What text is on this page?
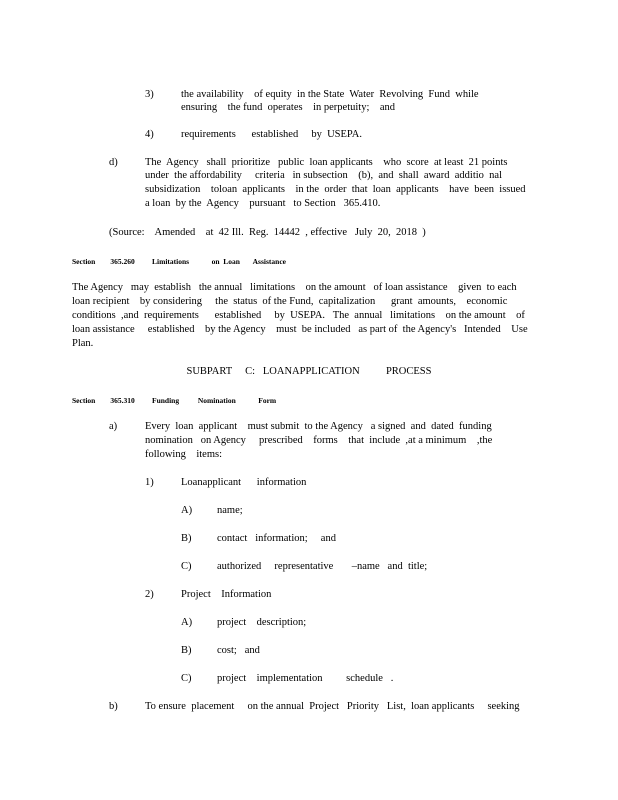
3)	the availability    of equity  in the State  Water  Revolving  Fund  while
ensuring    the fund  operates    in perpetuity;    and
4)	requirements      established     by  USEPA.
d)	The  Agency   shall  prioritize   public  loan applicants    who  score  at least  21 points
under  the affordability     criteria   in subsection    (b),  and  shall  award  additio  nal
subsidization    toloan  applicants    in the  order  that  loan  applicants    have  been  issued
a loan  by the  Agency    pursuant   to Section   365.410.
(Source:    Amended    at  42 Ill.  Reg.  14442  , effective   July  20,  2018  )
Section        365.260 Limitations            on  Loan       Assistance
The Agency   may  establish   the annual   limitations    on the amount   of loan assistance    given  to each
loan recipient    by considering     the  status  of the Fund,  capitalization      grant  amounts,    economic
conditions  ,and  requirements      established     by  USEPA.   The  annual   limitations    on the amount    of
loan assistance     established    by the Agency    must  be included   as part of  the Agency's   Intended    Use
Plan.
SUBPART     C:   LOANAPPLICATION          PROCESS
Section        365.310 Funding          Nomination            Form
a)	Every  loan  applicant    must submit  to the Agency   a signed  and  dated  funding
nomination   on Agency     prescribed    forms    that  include  ,at a minimum    ,the
following    items:
1)	Loanapplicant      information
A) name;
B) contact   information;     and
C) authorized     representative       –name   and  title;
2)	Project    Information
A) project    description;
B) cost;   and
C) project    implementation         schedule   .
b)	To ensure  placement     on the annual  Project   Priority   List,  loan applicants     seeking
